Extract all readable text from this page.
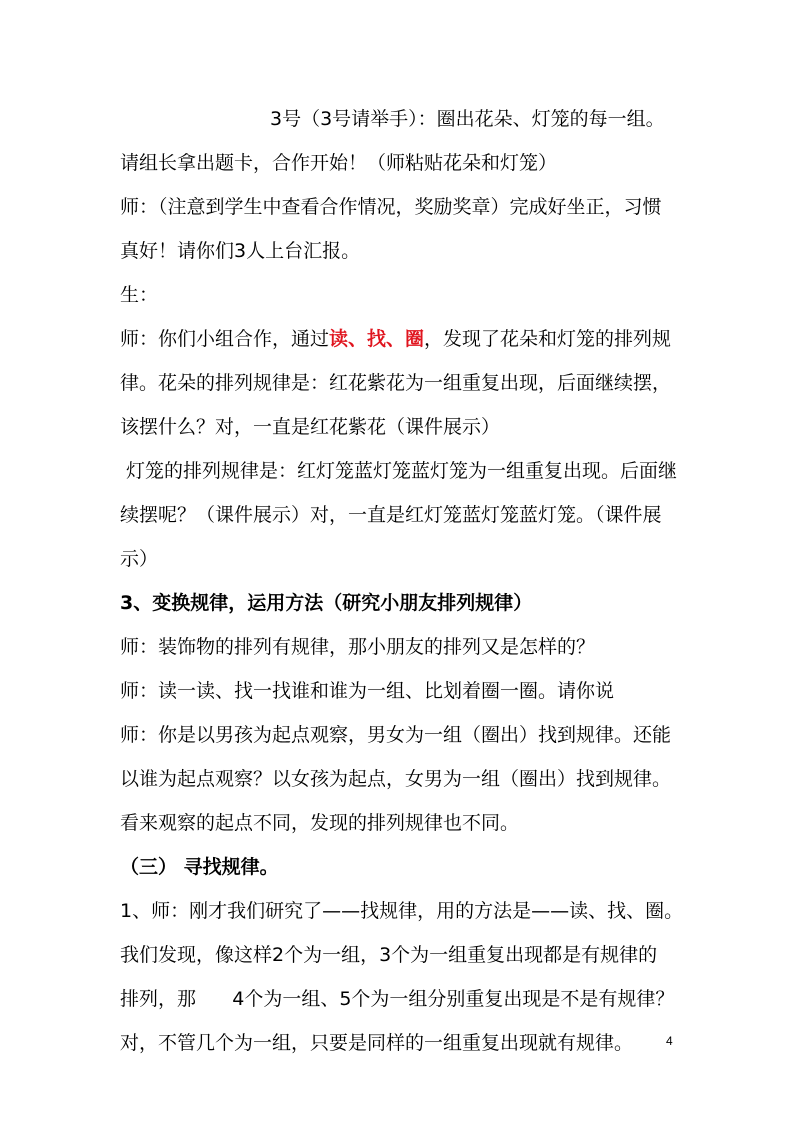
3号（3号请举手）：圈出花朵、灯笼的每一组。
请组长拿出题卡，合作开始！（师粘贴花朵和灯笼）
师：（注意到学生中查看合作情况，奖励奖章）完成好坐正，习惯
真好！请你们3人上台汇报。
生：
师：你们小组合作，通过读、找、圈，发现了花朵和灯笼的排列规
律。花朵的排列规律是：红花紫花为一组重复出现，后面继续摆，
该摆什么？对，一直是红花紫花（课件展示）
灯笼的排列规律是：红灯笼蓝灯笼蓝灯笼为一组重复出现。后面继
续摆呢？（课件展示）对，一直是红灯笼蓝灯笼蓝灯笼。（课件展
示）
3、变换规律，运用方法（研究小朋友排列规律）
师：装饰物的排列有规律，那小朋友的排列又是怎样的？
师：读一读、找一找谁和谁为一组、比划着圈一圈。请你说
师：你是以男孩为起点观察，男女为一组（圈出）找到规律。还能
以谁为起点观察？以女孩为起点，女男为一组（圈出）找到规律。
看来观察的起点不同，发现的排列规律也不同。
（三） 寻找规律。
1、师：刚才我们研究了——找规律，用的方法是——读、找、圈。
我们发现，像这样2个为一组，3个为一组重复出现都是有规律的
排列，那      4个为一组、5个为一组分别重复出现是不是有规律？
对，不管几个为一组，只要是同样的一组重复出现就有规律。	4
